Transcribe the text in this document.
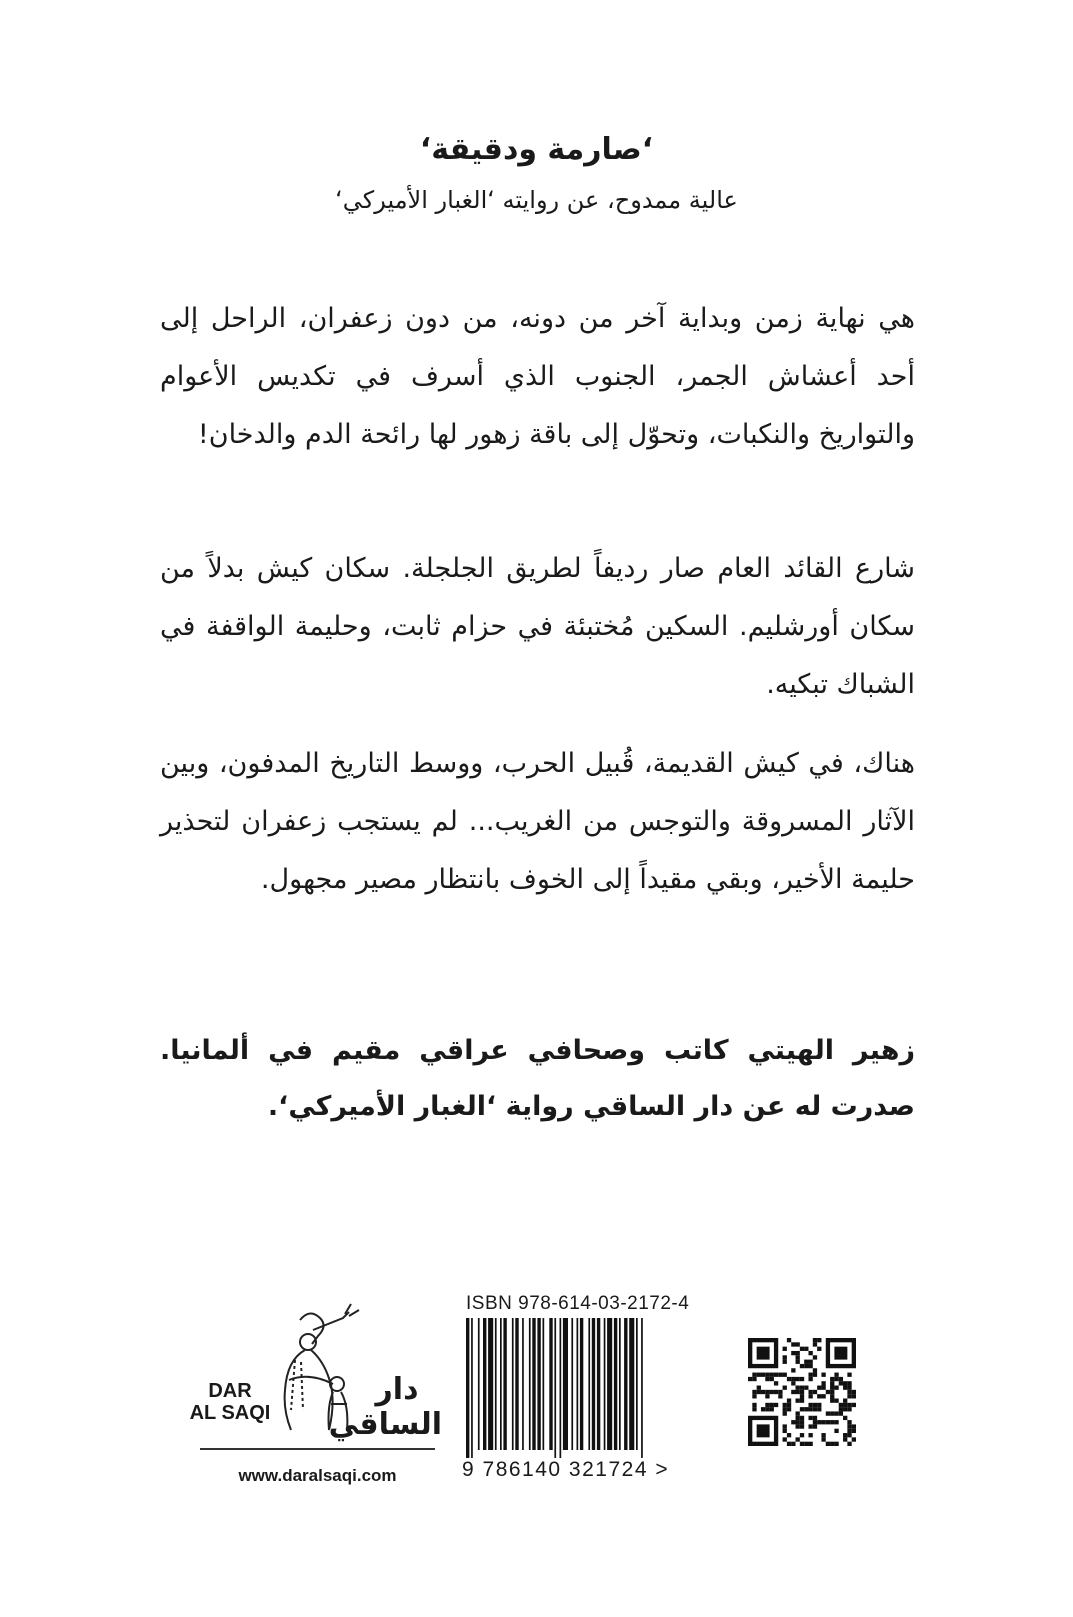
‘صارمة ودقيقة‘
عالية ممدوح، عن روايته ‘الغبار الأميركي‘
هي نهاية زمن وبداية آخر من دونه، من دون زعفران، الراحل إلى أحد أعشاش الجمر، الجنوب الذي أسرف في تكديس الأعوام والتواريخ والنكبات، وتحوّل إلى باقة زهور لها رائحة الدم والدخان!
شارع القائد العام صار رديفاً لطريق الجلجلة. سكان كيش بدلاً من سكان أورشليم. السكين مُختبئة في حزام ثابت، وحليمة الواقفة في الشباك تبكيه.
هناك، في كيش القديمة، قُبيل الحرب، ووسط التاريخ المدفون، وبين الآثار المسروقة والتوجس من الغريب... لم يستجب زعفران لتحذير حليمة الأخير، وبقي مقيداً إلى الخوف بانتظار مصير مجهول.
زهير الهيتي كاتب وصحافي عراقي مقيم في ألمانيا. صدرت له عن دار الساقي رواية ‘الغبار الأميركي‘.
DAR
AL SAQI
دار الساقي
www.daralsaqi.com
ISBN 978-614-03-2172-4
9 786140 321724 >
